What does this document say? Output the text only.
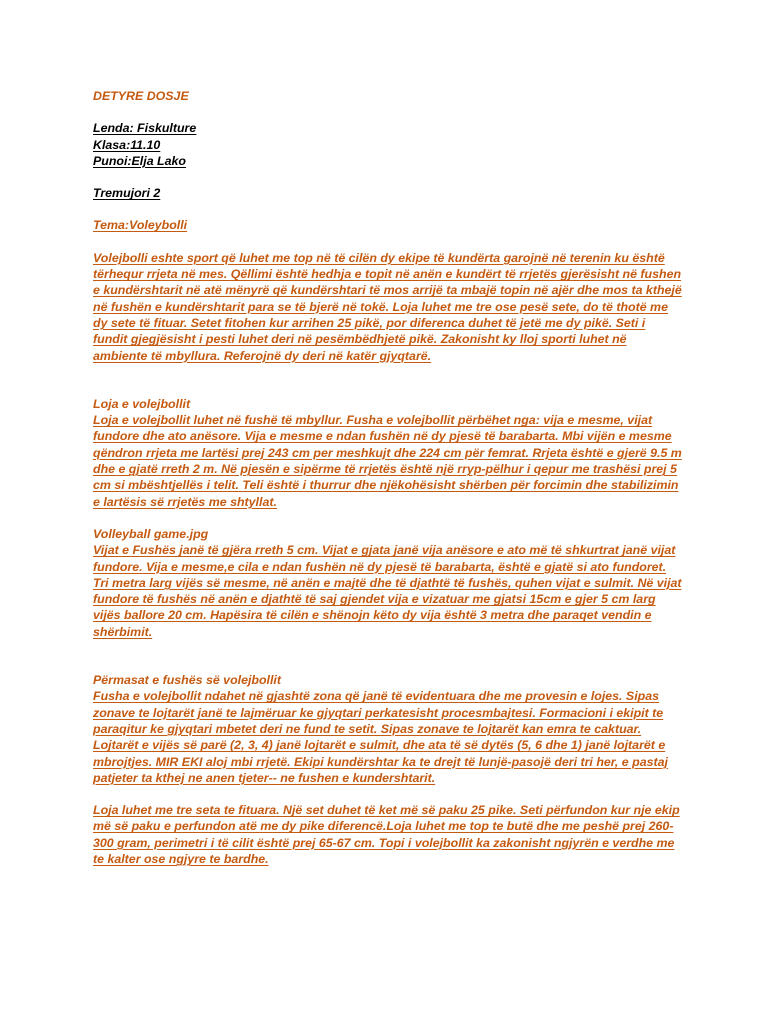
DETYRE DOSJE

Lenda: Fiskulture

Klasa:11.10

Punoi:Elja Lako

Tremujori 2

Tema:Voleybolli

Volejbolli eshte sport që luhet me top në të cilën dy ekipe të kundërta garojnë në terenin ku është tërhequr rrjeta në mes. Qëllimi është hedhja e topit në anën e kundërt të rrjetës gjerësisht në fushen e kundërshtarit në atë mënyrë që kundërshtari të mos arrijë ta mbajë topin në ajër dhe mos ta kthejë në fushën e kundërshtarit para se të bjerë në tokë. Loja luhet me tre ose pesë sete, do të thotë me dy sete të fituar. Setet fitohen kur arrihen 25 pikë, por diferenca duhet të jetë me dy pikë. Seti i fundit gjegjësisht i pesti luhet deri në pesëmbëdhjetë pikë. Zakonisht ky lloj sporti luhet në ambiente të mbyllura. Referojnë dy deri në katër gjyqtarë.

Loja e volejbollit

Loja e volejbollit luhet në fushë të mbyllur. Fusha e volejbollit përbëhet nga: vija e mesme, vijat fundore dhe ato anësore. Vija e mesme e ndan fushën në dy pjesë të barabarta. Mbi vijën e mesme qëndron rrjeta me lartësi prej 243 cm per meshkujt dhe 224 cm për femrat. Rrjeta është e gjerë 9.5 m dhe e gjatë rreth 2 m. Në pjesën e sipërme të rrjetës është një rryp-pëlhur i qepur me trashësi prej 5 cm si mbështjellës i telit. Teli është i thurrur dhe njëkohësisht shërben për forcimin dhe stabilizimin e lartësis së rrjetës me shtyllat.

Volleyball game.jpg

Vijat e Fushës janë të gjëra rreth 5 cm. Vijat e gjata janë vija anësore e ato më të shkurtrat janë vijat fundore. Vija e mesme,e cila e ndan fushën në dy pjesë të barabarta, është e gjatë si ato fundoret. Tri metra larg vijës së mesme, në anën e majtë dhe të djathtë të fushës, quhen vijat e sulmit. Në vijat fundore të fushës në anën e djathtë të saj gjendet vija e vizatuar me gjatsi 15cm e gjer 5 cm larg vijës ballore 20 cm. Hapësira të cilën e shënojn këto dy vija është 3 metra dhe paraqet vendin e shërbimit.

Përmasat e fushës së volejbollit

Fusha e volejbollit ndahet në gjashtë zona që janë të evidentuara dhe me provesin e lojes. Sipas zonave te lojtarët janë te lajmëruar ke gjyqtari perkatesisht procesmbajtesi. Formacioni i ekipit te paraqitur ke gjyqtari mbetet deri ne fund te setit. Sipas zonave te lojtarët kan emra te caktuar. Lojtarët e vijës së parë (2, 3, 4) janë lojtarët e sulmit, dhe ata të së dytës (5, 6 dhe 1) janë lojtarët e mbrojtjes. MIR EKI aloj mbi rrjetë. Ekipi kundërshtar ka te drejt të lunjë-pasojë deri tri her, e pastaj patjeter ta kthej ne anen tjeter-- ne fushen e kundershtarit.

Loja luhet me tre seta te fituara. Një set duhet të ket më së paku 25 pike. Seti përfundon kur nje ekip më së paku e perfundon atë me dy pike diferencë.Loja luhet me top te butë dhe me peshë prej 260-300 gram, perimetri i të cilit është prej 65-67 cm. Topi i volejbollit ka zakonisht ngjyrën e verdhe me te kalter ose ngjyre te bardhe.
